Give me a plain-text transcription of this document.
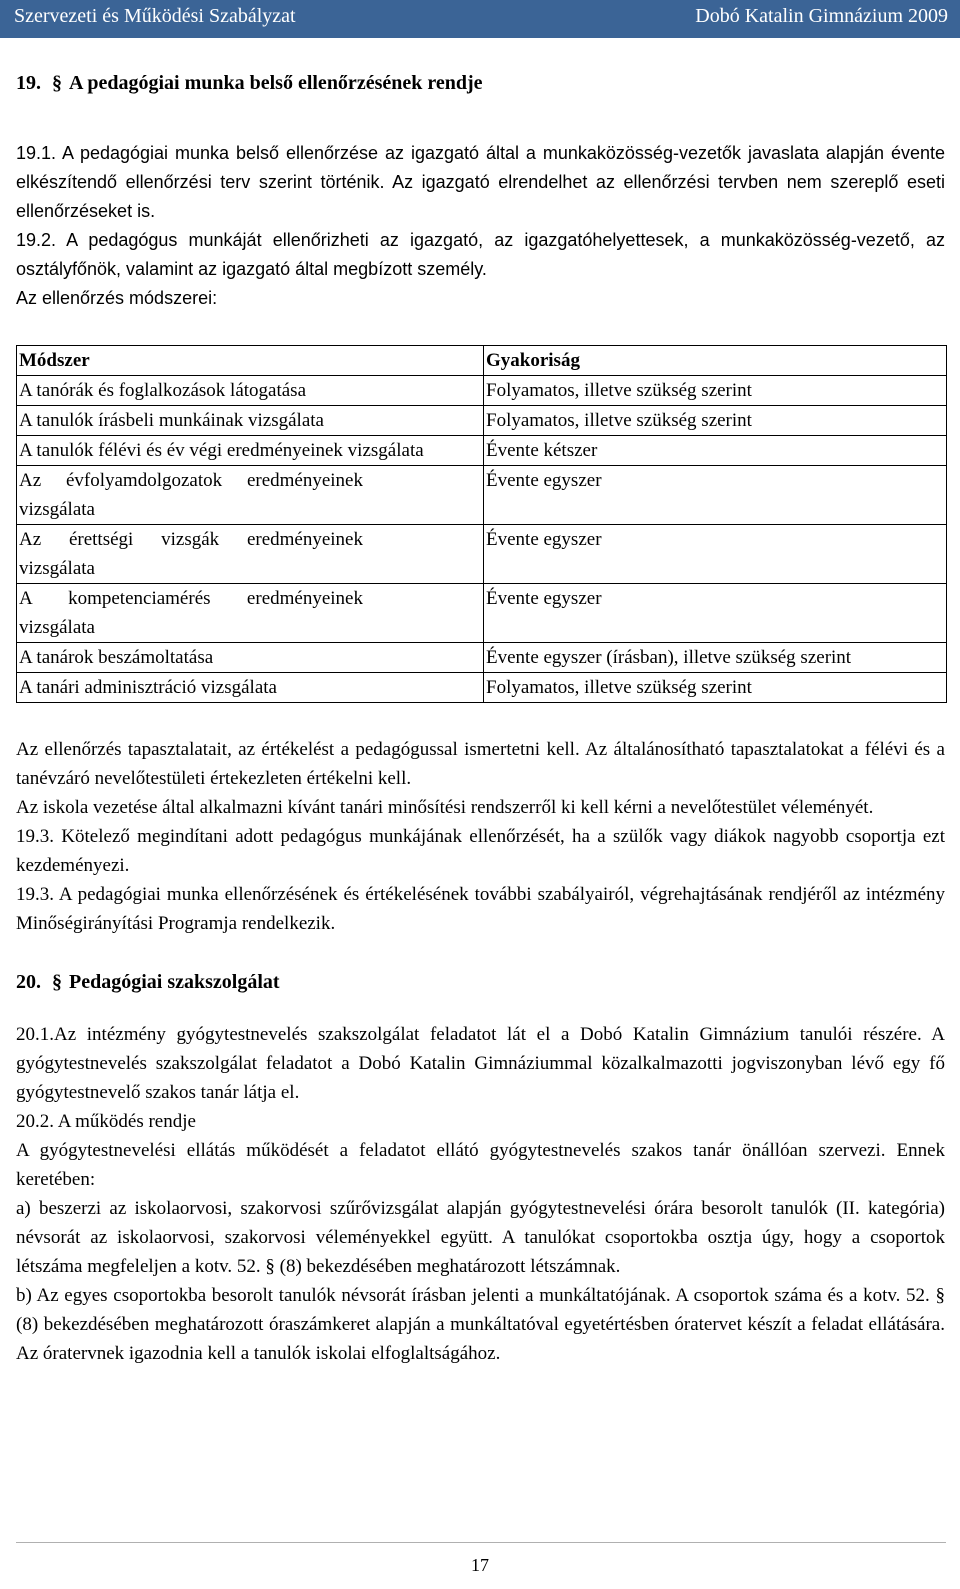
Szervezeti és Működési Szabályzat	Dobó Katalin Gimnázium 2009
19. § A pedagógiai munka belső ellenőrzésének rendje

19.1. A pedagógiai munka belső ellenőrzése az igazgató által a munkaközösség-vezetők javaslata alapján évente elkészítendő ellenőrzési terv szerint történik. Az igazgató elrendelhet az ellenőrzési tervben nem szereplő eseti ellenőrzéseket is.

19.2. A pedagógus munkáját ellenőrizheti az igazgató, az igazgatóhelyettesek, a munkaközösség-vezető, az osztályfőnök, valamint az igazgató által megbízott személy.

Az ellenőrzés módszerei:

Módszer	Gyakoriság
A tanórák és foglalkozások látogatása	Folyamatos, illetve szükség szerint
A tanulók írásbeli munkáinak vizsgálata	Folyamatos, illetve szükség szerint
A tanulók félévi és év végi eredményeinek vizsgálata	Évente kétszer
Az évfolyamdolgozatok eredményeinek vizsgálata	Évente egyszer
Az érettségi vizsgák eredményeinek vizsgálata	Évente egyszer
A kompetenciamérés eredményeinek vizsgálata	Évente egyszer
A tanárok beszámoltatása	Évente egyszer (írásban), illetve szükség szerint
A tanári adminisztráció vizsgálata	Folyamatos, illetve szükség szerint

Az ellenőrzés tapasztalatait, az értékelést a pedagógussal ismertetni kell. Az általánosítható tapasztalatokat a félévi és a tanévzáró nevelőtestületi értekezleten értékelni kell.

Az iskola vezetése által alkalmazni kívánt tanári minősítési rendszerről ki kell kérni a nevelőtestület véleményét.

19.3. Kötelező megindítani adott pedagógus munkájának ellenőrzését, ha a szülők vagy diákok nagyobb csoportja ezt kezdeményezi.

19.3. A pedagógiai munka ellenőrzésének és értékelésének további szabályairól, végrehajtásának rendjéről az intézmény Minőségirányítási Programja rendelkezik.

20. § Pedagógiai szakszolgálat

20.1.Az intézmény gyógytestnevelés szakszolgálat feladatot lát el a Dobó Katalin Gimnázium tanulói részére. A gyógytestnevelés szakszolgálat feladatot a Dobó Katalin Gimnáziummal közalkalmazotti jogviszonyban lévő egy fő gyógytestnevelő szakos tanár látja el.

20.2. A működés rendje

A gyógytestnevelési ellátás működését a feladatot ellátó gyógytestnevelés szakos tanár önállóan szervezi. Ennek keretében:

a) beszerzi az iskolaorvosi, szakorvosi szűrővizsgálat alapján gyógytestnevelési órára besorolt tanulók (II. kategória) névsorát az iskolaorvosi, szakorvosi véleményekkel együtt. A tanulókat csoportokba osztja úgy, hogy a csoportok létszáma megfeleljen a kotv. 52. § (8) bekezdésében meghatározott létszámnak.

b) Az egyes csoportokba besorolt tanulók névsorát írásban jelenti a munkáltatójának. A csoportok száma és a kotv. 52. § (8) bekezdésében meghatározott óraszámkeret alapján a munkáltatóval egyetértésben óratervet készít a feladat ellátására. Az óratervnek igazodnia kell a tanulók iskolai elfoglaltságához.

17
